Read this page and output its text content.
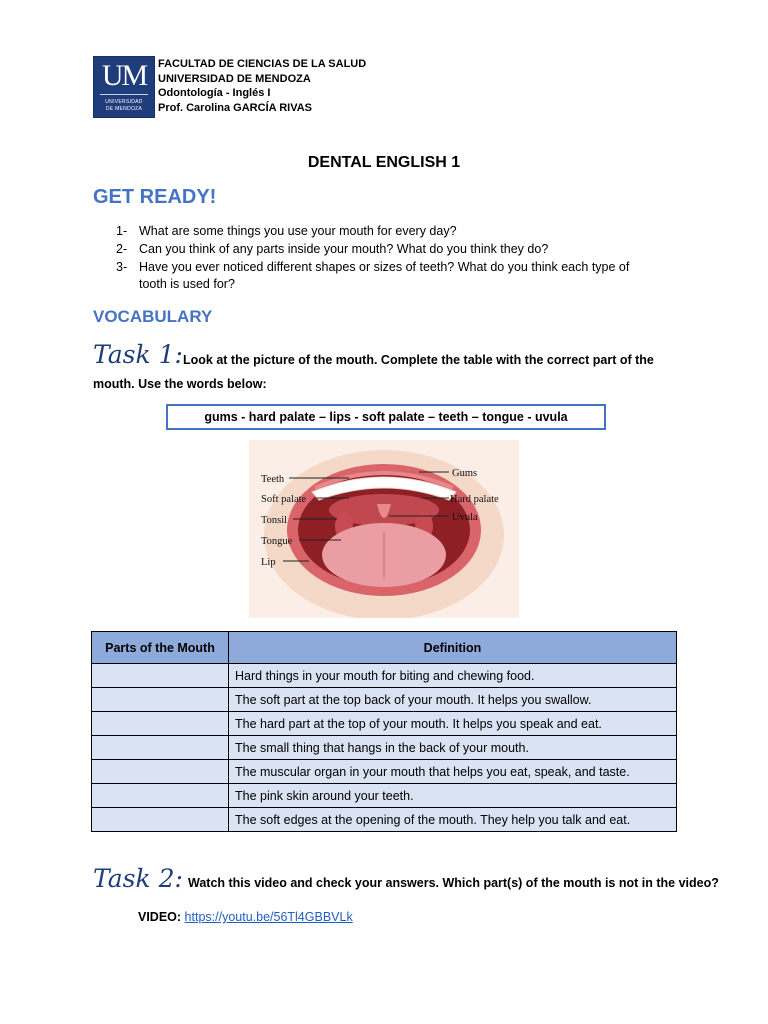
UM
UNIVERSIDAD
DE MENDOZA
FACULTAD DE CIENCIAS DE LA SALUD
UNIVERSIDAD DE MENDOZA
Odontología - Inglés I
Prof. Carolina GARCÍA RIVAS
DENTAL ENGLISH 1
GET READY!
1- What are some things you use your mouth for every day?
2- Can you think of any parts inside your mouth? What do you think they do?
3- Have you ever noticed different shapes or sizes of teeth? What do you think each type of tooth is used for?
VOCABULARY
Task 1: Look at the picture of the mouth. Complete the table with the correct part of the
mouth. Use the words below:
gums - hard palate – lips - soft palate – teeth – tongue - uvula
Teeth
Soft palate
Tonsil
Tongue
Lip
Gums
Hard palate
Uvula
Parts of the Mouth	Definition
	Hard things in your mouth for biting and chewing food.
	The soft part at the top back of your mouth. It helps you swallow.
	The hard part at the top of your mouth. It helps you speak and eat.
	The small thing that hangs in the back of your mouth.
	The muscular organ in your mouth that helps you eat, speak, and taste.
	The pink skin around your teeth.
	The soft edges at the opening of the mouth. They help you talk and eat.
Task 2: Watch this video and check your answers. Which part(s) of the mouth is not in the video?
VIDEO: https://youtu.be/56Tl4GBBVLk
